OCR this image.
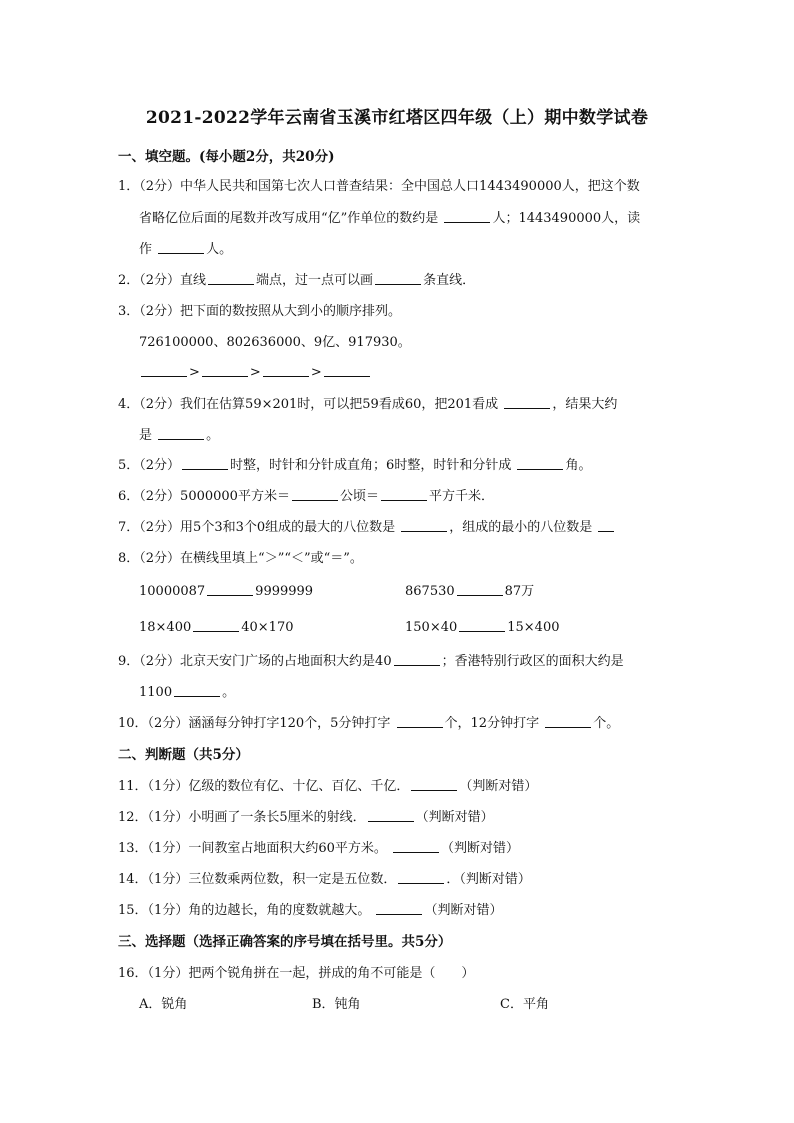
2021-2022学年云南省玉溪市红塔区四年级（上）期中数学试卷
一、填空题。(每小题2分，共20分)
1．（2分）中华人民共和国第七次人口普查结果：全中国总人口1443490000人，把这个数
省略亿位后面的尾数并改写成用“亿”作单位的数约是	人；1443490000人，读
作	人。
2．（2分）直线	端点，过一点可以画	条直线．
3．（2分）把下面的数按照从大到小的顺序排列。
726100000、802636000、9亿、917930。
>	>	>
4．（2分）我们在估算59×201时，可以把59看成60，把201看成	，结果大约
是	。
5．（2分）	时整，时针和分针成直角；6时整，时针和分针成	角。
6．（2分）5000000平方米＝	公顷＝	平方千米．
7．（2分）用5个3和3个0组成的最大的八位数是	，组成的最小的八位数是
8．（2分）在横线里填上“＞”“＜”或“＝”。
10000087	9999999	867530	87万
18×400	40×170	150×40	15×400
9．（2分）北京天安门广场的占地面积大约是40	；香港特别行政区的面积大约是
1100	。
10．（2分）涵涵每分钟打字120个，5分钟打字	个，12分钟打字	个。
二、判断题（共5分）
11．（1分）亿级的数位有亿、十亿、百亿、千亿．	（判断对错）
12．（1分）小明画了一条长5厘米的射线．	（判断对错）
13．（1分）一间教室占地面积大约60平方米。	（判断对错）
14．（1分）三位数乘两位数，积一定是五位数．	．（判断对错）
15．（1分）角的边越长，角的度数就越大。	（判断对错）
三、选择题（选择正确答案的序号填在括号里。共5分）
16．（1分）把两个锐角拼在一起，拼成的角不可能是（　　）
A．锐角	B．钝角	C．平角
